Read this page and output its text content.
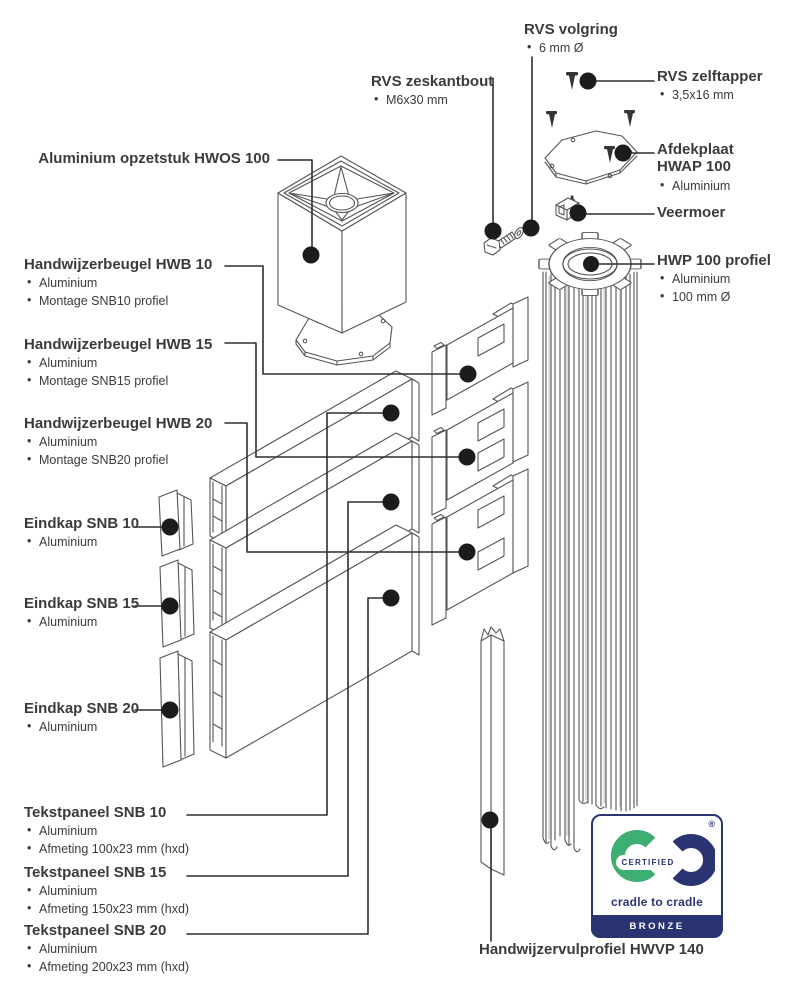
Aluminium opzetstuk HWOS 100
RVS zeskantbout
• M6x30 mm
RVS volgring
• 6 mm Ø
RVS zelftapper
• 3,5x16 mm
Afdekplaat
HWAP 100
• Aluminium
Veermoer
HWP 100 profiel
• Aluminium
• 100 mm Ø
Handwijzerbeugel HWB 10
• Aluminium
• Montage SNB10 profiel
Handwijzerbeugel HWB 15
• Aluminium
• Montage SNB15 profiel
Handwijzerbeugel HWB 20
• Aluminium
• Montage SNB20 profiel
Eindkap SNB 10
• Aluminium
Eindkap SNB 15
• Aluminium
Eindkap SNB 20
• Aluminium
Tekstpaneel SNB 10
• Aluminium
• Afmeting 100x23 mm (hxd)
Tekstpaneel SNB 15
• Aluminium
• Afmeting 150x23 mm (hxd)
Tekstpaneel SNB 20
• Aluminium
• Afmeting 200x23 mm (hxd)
Handwijzervulprofiel HWVP 140
CERTIFIED
®
cradle to cradle
BRONZE
